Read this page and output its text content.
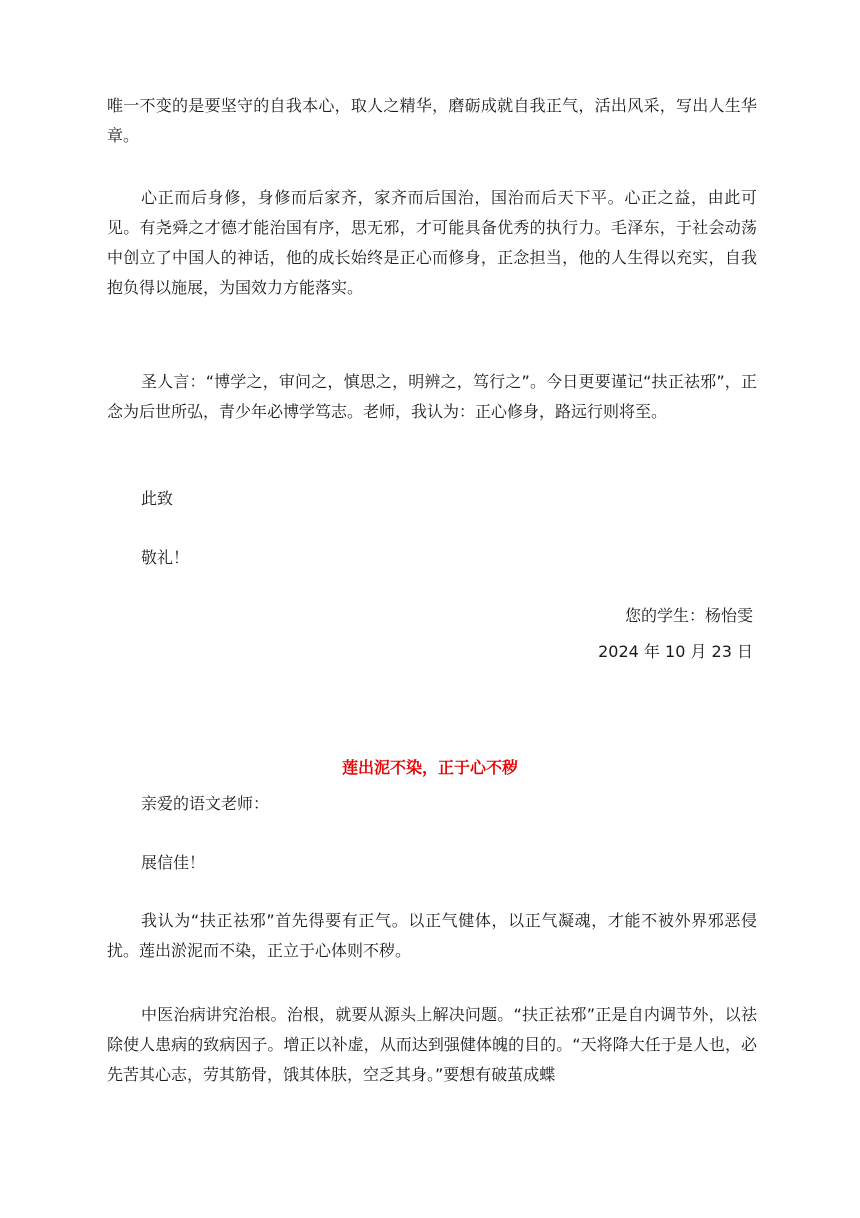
唯一不变的是要坚守的自我本心，取人之精华，磨砺成就自我正气，活出风采，写出人生华章。

心正而后身修，身修而后家齐，家齐而后国治，国治而后天下平。心正之益，由此可见。有尧舜之才德才能治国有序，思无邪，才可能具备优秀的执行力。毛泽东，于社会动荡中创立了中国人的神话，他的成长始终是正心而修身，正念担当，他的人生得以充实，自我抱负得以施展，为国效力方能落实。

圣人言：“博学之，审问之，慎思之，明辨之，笃行之”。今日更要谨记“扶正祛邪”，正念为后世所弘，青少年必博学笃志。老师，我认为：正心修身，路远行则将至。

此致

敬礼！

您的学生：杨怡雯

2024 年 10 月 23 日

莲出泥不染，正于心不秽

亲爱的语文老师：

展信佳！

我认为“扶正祛邪”首先得要有正气。以正气健体，以正气凝魂，才能不被外界邪恶侵扰。莲出淤泥而不染，正立于心体则不秽。

中医治病讲究治根。治根，就要从源头上解决问题。“扶正祛邪”正是自内调节外，以祛除使人患病的致病因子。增正以补虚，从而达到强健体魄的目的。“天将降大任于是人也，必先苦其心志，劳其筋骨，饿其体肤，空乏其身。”要想有破茧成蝶
